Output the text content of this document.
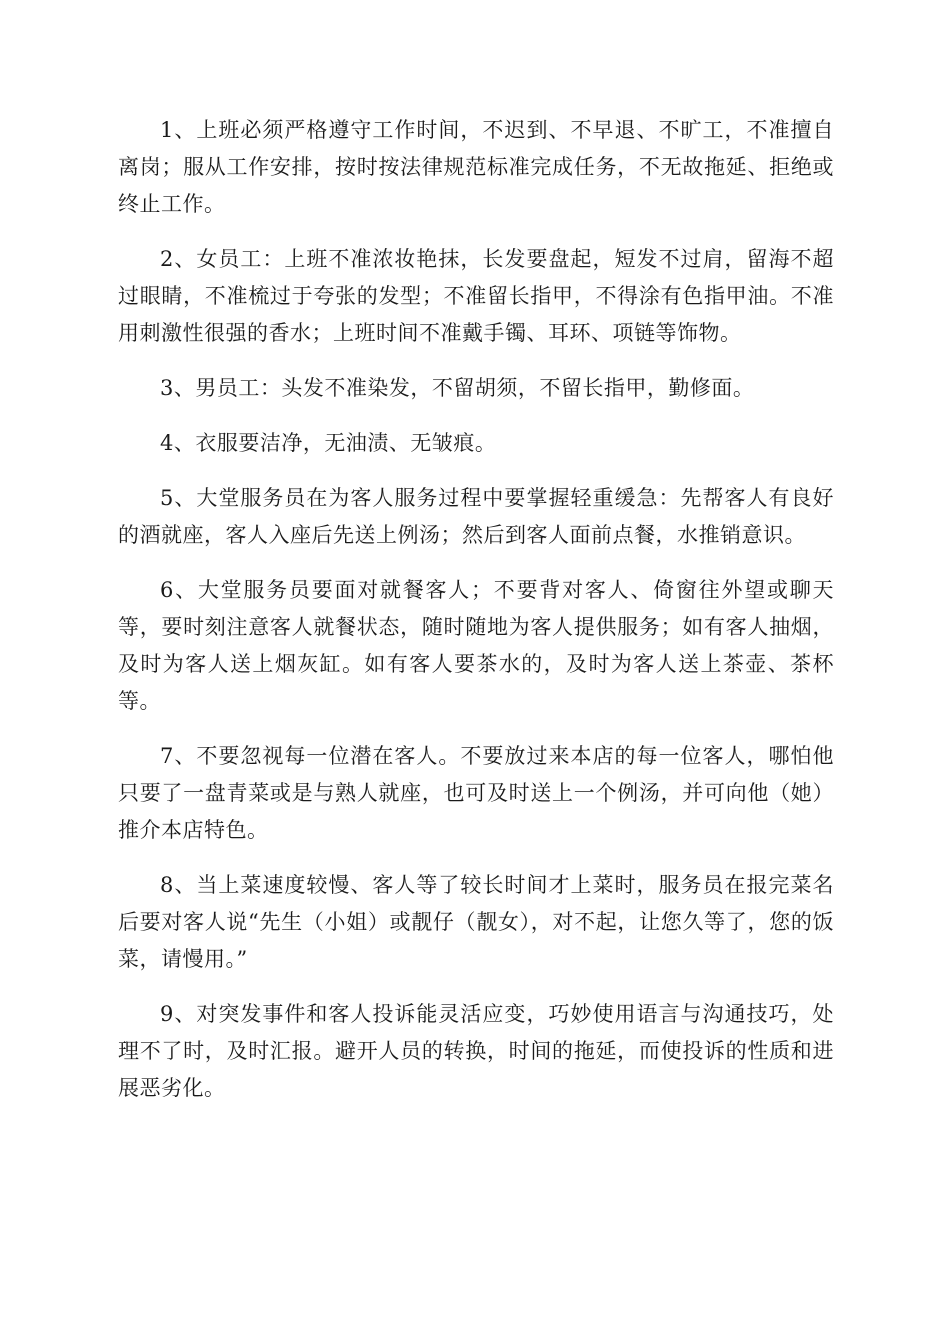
1、上班必须严格遵守工作时间，不迟到、不早退、不旷工，不准擅自离岗；服从工作安排，按时按法律规范标准完成任务，不无故拖延、拒绝或终止工作。

2、女员工：上班不准浓妆艳抹，长发要盘起，短发不过肩，留海不超过眼睛，不准梳过于夸张的发型；不准留长指甲，不得涂有色指甲油。不准用刺激性很强的香水；上班时间不准戴手镯、耳环、项链等饰物。

3、男员工：头发不准染发，不留胡须，不留长指甲，勤修面。

4、衣服要洁净，无油渍、无皱痕。

5、大堂服务员在为客人服务过程中要掌握轻重缓急：先帮客人有良好的酒就座，客人入座后先送上例汤；然后到客人面前点餐，水推销意识。

6、大堂服务员要面对就餐客人；不要背对客人、倚窗往外望或聊天等，要时刻注意客人就餐状态，随时随地为客人提供服务；如有客人抽烟，及时为客人送上烟灰缸。如有客人要茶水的，及时为客人送上茶壶、茶杯等。

7、不要忽视每一位潜在客人。不要放过来本店的每一位客人，哪怕他只要了一盘青菜或是与熟人就座，也可及时送上一个例汤，并可向他（她）推介本店特色。

8、当上菜速度较慢、客人等了较长时间才上菜时，服务员在报完菜名后要对客人说“先生（小姐）或靓仔（靓女），对不起，让您久等了，您的饭菜，请慢用。”

9、对突发事件和客人投诉能灵活应变，巧妙使用语言与沟通技巧，处理不了时，及时汇报。避开人员的转换，时间的拖延，而使投诉的性质和进展恶劣化。
